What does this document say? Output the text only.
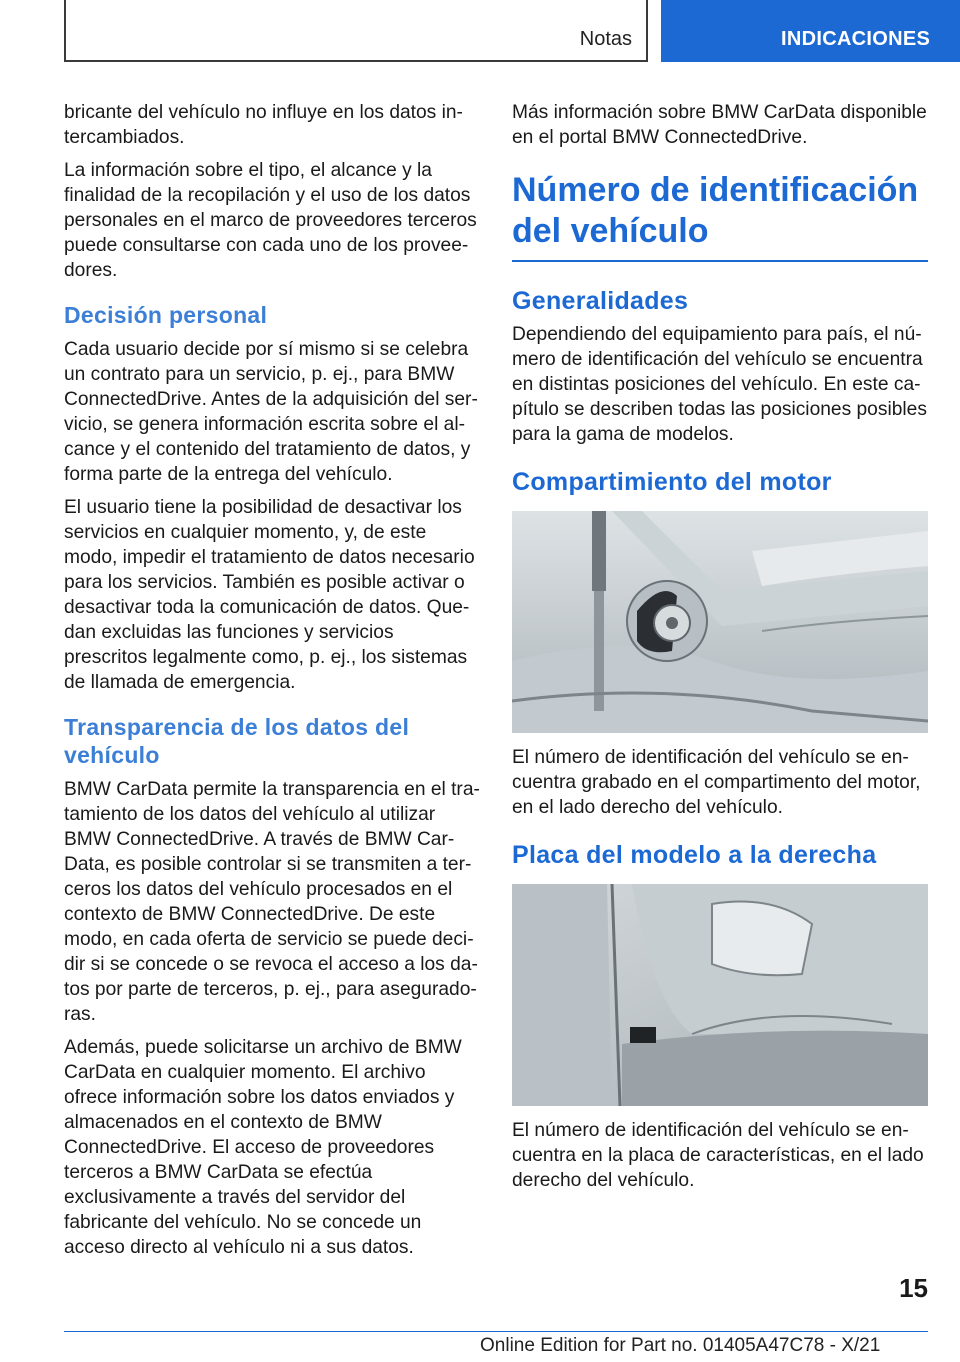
Notas	INDICACIONES

bricante del vehículo no influye en los datos intercambiados.

La información sobre el tipo, el alcance y la finalidad de la recopilación y el uso de los datos personales en el marco de proveedores terceros puede consultarse con cada uno de los proveedores.

Decisión personal

Cada usuario decide por sí mismo si se celebra un contrato para un servicio, p. ej., para BMW ConnectedDrive. Antes de la adquisición del servicio, se genera información escrita sobre el alcance y el contenido del tratamiento de datos, y forma parte de la entrega del vehículo.

El usuario tiene la posibilidad de desactivar los servicios en cualquier momento, y, de este modo, impedir el tratamiento de datos necesario para los servicios. También es posible activar o desactivar toda la comunicación de datos. Quedan excluidas las funciones y servicios prescritos legalmente como, p. ej., los sistemas de llamada de emergencia.

Transparencia de los datos del vehículo

BMW CarData permite la transparencia en el tratamiento de los datos del vehículo al utilizar BMW ConnectedDrive. A través de BMW CarData, es posible controlar si se transmiten a terceros los datos del vehículo procesados en el contexto de BMW ConnectedDrive. De este modo, en cada oferta de servicio se puede decidir si se concede o se revoca el acceso a los datos por parte de terceros, p. ej., para aseguradoras.

Además, puede solicitarse un archivo de BMW CarData en cualquier momento. El archivo ofrece información sobre los datos enviados y almacenados en el contexto de BMW ConnectedDrive. El acceso de proveedores terceros a BMW CarData se efectúa exclusivamente a través del servidor del fabricante del vehículo. No se concede un acceso directo al vehículo ni a sus datos.

Más información sobre BMW CarData disponible en el portal BMW ConnectedDrive.

Número de identificación del vehículo
Generalidades

Dependiendo del equipamiento para país, el número de identificación del vehículo se encuentra en distintas posiciones del vehículo. En este capítulo se describen todas las posiciones posibles para la gama de modelos.

Compartimiento del motor

El número de identificación del vehículo se encuentra grabado en el compartimento del motor, en el lado derecho del vehículo.

Placa del modelo a la derecha

El número de identificación del vehículo se encuentra en la placa de características, en el lado derecho del vehículo.

15
Online Edition for Part no. 01405A47C78 - X/21
